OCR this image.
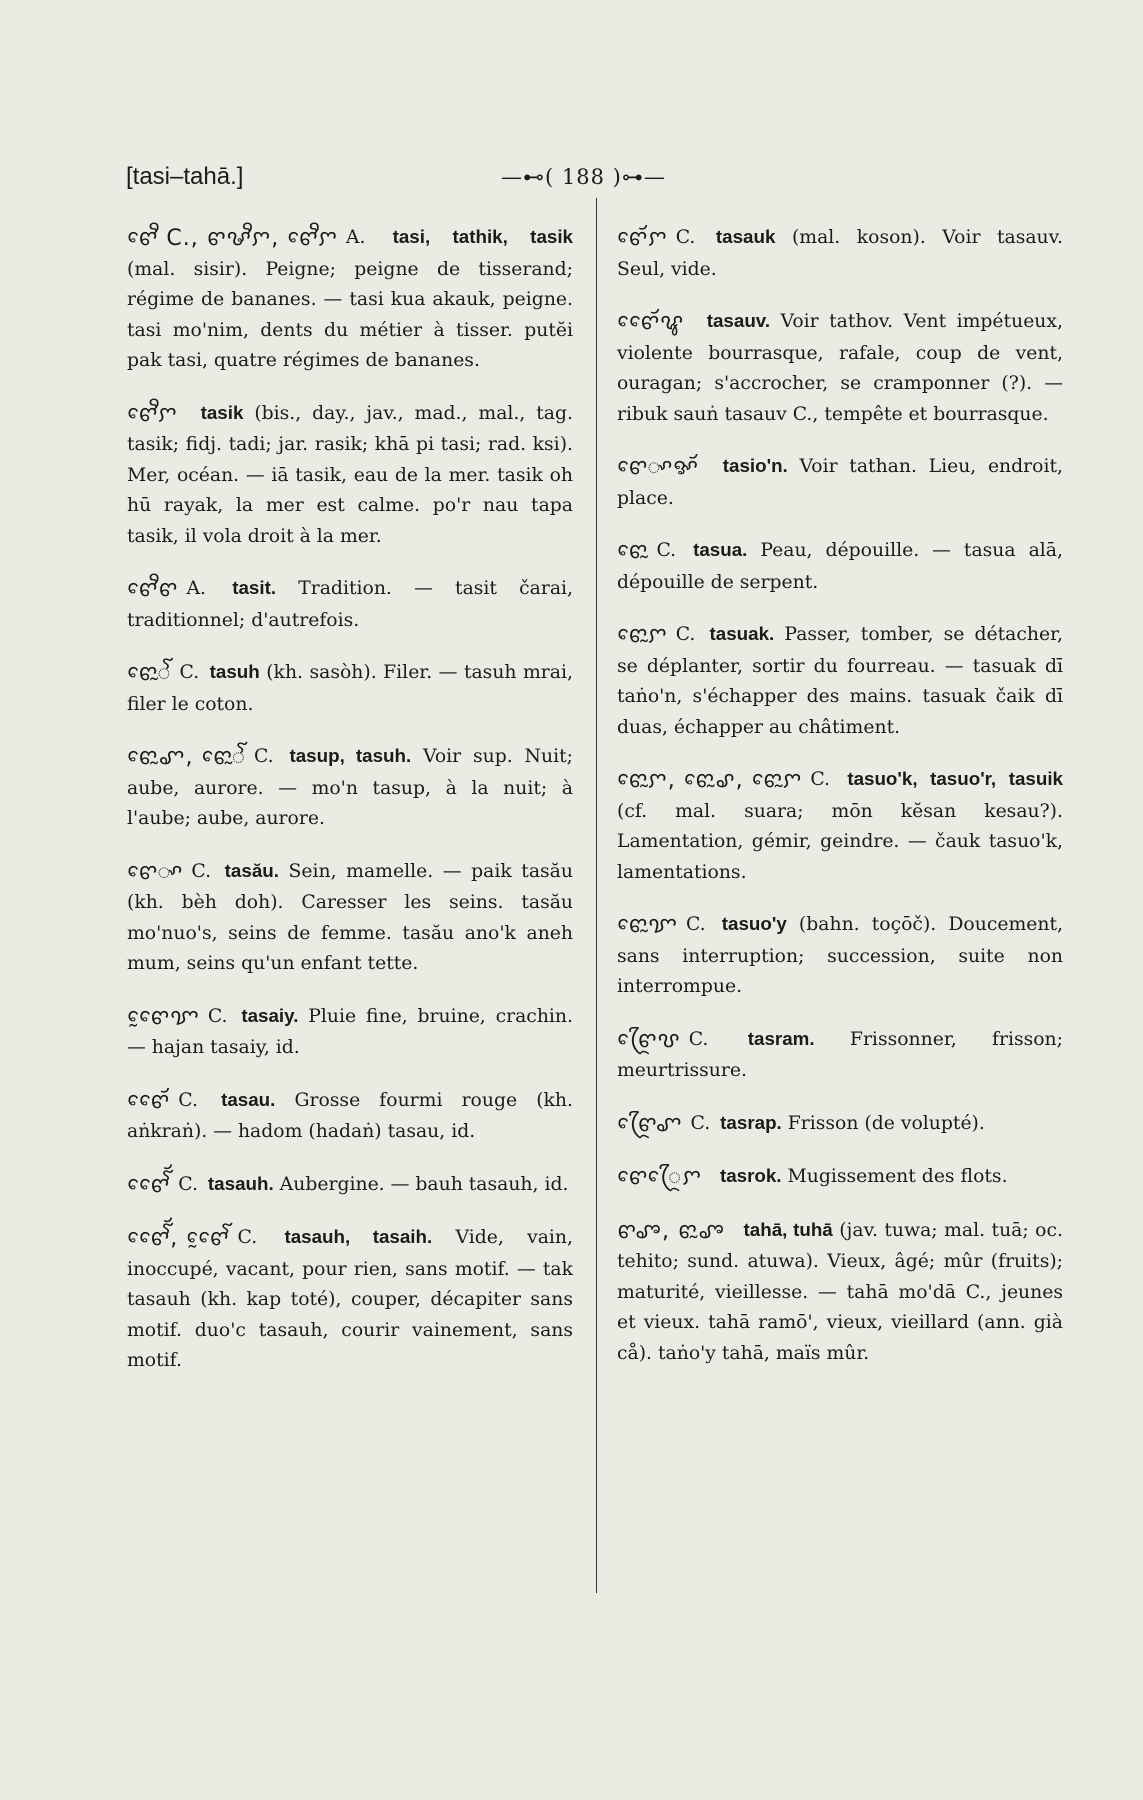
[tasi–tahā.]	—⊷( 188 )⊶—
ꨓꨯꨪ C., ꨓꨔꨪꨆ, ꨓꨯꨪꨆ A. tasi, tathik, tasik (mal. sisir). Peigne; peigne de tisserand; régime de bananes. — tasi kua akauk, peigne. tasi mo'nim, dents du métier à tisser. putĕi pak tasi, quatre régimes de bananes.
ꨓꨯꨪꨆ tasik (bis., day., jav., mad., mal., tag. tasik; fidj. tadi; jar. rasik; khā pi tasi; rad. ksi). Mer, océan. — iā tasik, eau de la mer. tasik oh hū rayak, la mer est calme. po'r nau tapa tasik, il vola droit à la mer.
ꨓꨯꨪꨓ A. tasit. Tradition. — tasit čarai, traditionnel; d'autrefois.
ꨓꨯꨭꨱ C. tasuh (kh. sasòh). Filer. — tasuh mrai, filer le coton.
ꨓꨯꨭꨚ, ꨓꨯꨭꨱ C. tasup, tasuh. Voir sup. Nuit; aube, aurore. — mo'n tasup, à la nuit; à l'aube; aube, aurore.
ꨓꨯꨳ C. tasău. Sein, mamelle. — paik tasău (kh. bèh doh). Caresser les seins. tasău mo'nuo's, seins de femme. tasău ano'k aneh mum, seins qu'un enfant tette.
ꨓꨯꨰꨢ C. tasaiy. Pluie fine, bruine, crachin. — hajan tasaiy, id.
ꨓꨯꨯꨮ C. tasau. Grosse fourmi rouge (kh. aṅkraṅ). — hadom (hadaṅ) tasau, id.
ꨓꨯꨯꨮꨱ C. tasauh. Aubergine. — bauh tasauh, id.
ꨓꨯꨯꨮꨱ, ꨓꨯꨰꨱ C. tasauh, tasaih. Vide, vain, inoccupé, vacant, pour rien, sans motif. — tak tasauh (kh. kap toté), couper, décapiter sans motif. duo'c tasauh, courir vainement, sans motif.
ꨓꨯꨮꨆ C. tasauk (mal. koson). Voir tasauv. Seul, vide.
ꨓꨯꨯꨮꨥ tasauv. Voir tathov. Vent impétueux, violente bourrasque, rafale, coup de vent, ouragan; s'accrocher, se cramponner (?). — ribuk sauṅ tasauv C., tempête et bourrasque.
ꨓꨯꨳꨀꨮ tasio'n. Voir tathan. Lieu, endroit, place.
ꨓꨯꨭ C. tasua. Peau, dépouille. — tasua alā, dépouille de serpent.
ꨓꨯꨭꨆ C. tasuak. Passer, tomber, se détacher, se déplanter, sortir du fourreau. — tasuak dī taṅo'n, s'échapper des mains. tasuak čaik dī duas, échapper au châtiment.
ꨓꨯꨭꨆ, ꨓꨯꨭꨣ, ꨓꨯꨭꨆ C. tasuo'k, tasuo'r, tasuik (cf. mal. suara; mōn kĕsan kesau?). Lamentation, gémir, geindre. — čauk tasuo'k, lamentations.
ꨓꨯꨭꨢ C. tasuo'y (bahn. toçōč). Doucement, sans interruption; succession, suite non interrompue.
ꨓꨴꨯꨝ C. tasram. Frissonner, frisson; meurtrissure.
ꨓꨴꨯꨚ C. tasrap. Frisson (de volupté).
ꨓꨯꨴꨯꨆ tasrok. Mugissement des flots.
ꨓꨨ, ꨓꨭꨨ tahā, tuhā (jav. tuwa; mal. tuā; oc. tehito; sund. atuwa). Vieux, âgé; mûr (fruits); maturité, vieillesse. — tahā mo'dā C., jeunes et vieux. tahā ramō', vieux, vieillard (ann. già cå). taṅo'y tahā, maïs mûr.
